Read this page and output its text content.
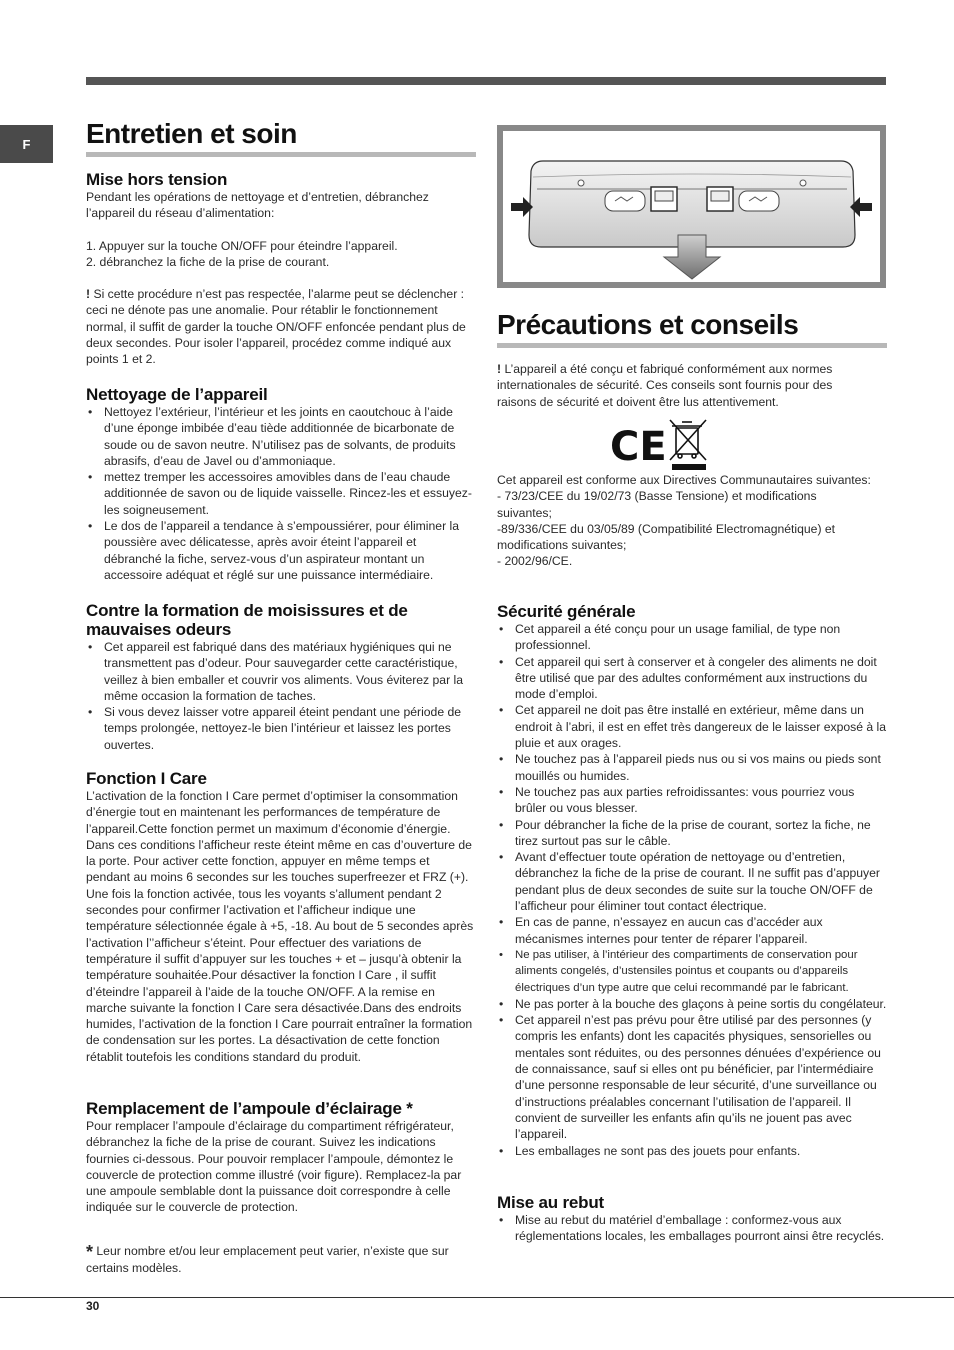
F	Entretien et soin
Mise hors tension

Pendant les opérations de nettoyage et d’entretien, débranchez l’appareil du réseau d’alimentation:

1. Appuyer sur la touche ON/OFF pour éteindre l’appareil.

2. débranchez la fiche de la prise de courant.

! Si cette procédure n’est pas respectée, l’alarme peut se déclencher : ceci ne dénote pas une anomalie. Pour rétablir le fonctionnement normal, il suffit de garder la touche ON/OFF enfoncée pendant plus de deux secondes. Pour isoler l’appareil, procédez comme indiqué aux points 1 et 2.

Nettoyage de l’appareil
• Nettoyez l’extérieur, l’intérieur et les joints en caoutchouc à l’aide d’une éponge imbibée d’eau tiède additionnée de bicarbonate de soude ou de savon neutre. N’utilisez pas de solvants, de produits abrasifs, d’eau de Javel ou d’ammoniaque.
• mettez tremper les accessoires amovibles dans de l’eau chaude additionnée de savon ou de liquide vaisselle. Rincez-les et essuyez-les soigneusement.
• Le dos de l’appareil a tendance à s’empoussiérer, pour éliminer la poussière avec délicatesse, après avoir éteint l’appareil et débranché la fiche, servez-vous d’un aspirateur montant un accessoire adéquat et réglé sur une puissance intermédiaire.
Contre la formation de moisissures et de mauvaises odeurs
• Cet appareil est fabriqué dans des matériaux hygiéniques qui ne transmettent pas d’odeur. Pour sauvegarder cette caractéristique, veillez à bien emballer et couvrir vos aliments. Vous éviterez par la même occasion la formation de taches.
• Si vous devez laisser votre appareil éteint pendant une période de temps prolongée, nettoyez-le bien l’intérieur et laissez les portes ouvertes.
Fonction I Care

L’activation de la fonction I Care permet d’optimiser la consommation d’énergie tout en maintenant les performances de température de l’appareil.Cette fonction permet un maximum d’économie d’énergie. Dans ces conditions l’afficheur reste éteint même en cas d’ouverture de la porte. Pour activer cette fonction, appuyer en même temps et pendant au moins 6 secondes sur les touches superfreezer et FRZ (+). Une fois la fonction activée, tous les voyants s’allument pendant 2 secondes pour confirmer l’activation et l’afficheur indique une température sélectionnée égale à +5, -18. Au bout de 5 secondes après l’activation l’’afficheur s’éteint. Pour effectuer des variations de température il suffit d’appuyer sur les touches + et – jusqu’à obtenir la température souhaitée.Pour désactiver la fonction I Care , il suffit d’éteindre l’appareil à l’aide de la touche ON/OFF. A la remise en marche suivante la fonction I Care sera désactivée.Dans des endroits humides, l’activation de la fonction I Care pourrait entraîner la formation de condensation sur les portes. La désactivation de cette fonction rétablit toutefois les conditions standard du produit.

Remplacement de l’ampoule d’éclairage *

Pour remplacer l’ampoule d’éclairage du compartiment réfrigérateur, débranchez la fiche de la prise de courant. Suivez les indications fournies ci-dessous. Pour pouvoir remplacer l’ampoule, démontez le couvercle de protection comme illustré (voir figure). Remplacez-la par une ampoule semblable dont la puissance doit correspondre à celle indiquée sur le couvercle de protection.

* Leur nombre et/ou leur emplacement peut varier, n’existe que sur certains modèles.

Précautions et conseils

! L’appareil a été conçu et fabriqué conformément aux normes internationales de sécurité. Ces conseils sont fournis pour des raisons de sécurité et doivent être lus attentivement.

CE

Cet appareil est conforme aux Directives Communautaires suivantes:

- 73/23/CEE du 19/02/73 (Basse Tensione) et modifications suivantes;

-89/336/CEE du 03/05/89 (Compatibilité Electromagnétique) et modifications suivantes;

- 2002/96/CE.

Sécurité générale
• Cet appareil a été conçu pour un usage familial, de type non professionnel.
• Cet appareil qui sert à conserver et à congeler des aliments ne doit être utilisé que par des adultes conformément aux instructions du mode d’emploi.
• Cet appareil ne doit pas être installé en extérieur, même dans un endroit à l’abri, il est en effet très dangereux de le laisser exposé à la pluie et aux orages.
• Ne touchez pas à l’appareil pieds nus ou si vos mains ou pieds sont mouillés ou humides.
• Ne touchez pas aux parties refroidissantes: vous pourriez vous brûler ou vous blesser.
• Pour débrancher la fiche de la prise de courant, sortez la fiche, ne tirez surtout pas sur le câble.
• Avant d’effectuer toute opération de nettoyage ou d’entretien, débranchez la fiche de la prise de courant. Il ne suffit pas d’appuyer pendant plus de deux secondes de suite sur la touche ON/OFF de l’afficheur pour éliminer tout contact électrique.
• En cas de panne, n’essayez en aucun cas d’accéder aux mécanismes internes pour tenter de réparer l’appareil.
• Ne pas utiliser, à l’intérieur des compartiments de conservation pour aliments congelés, d’ustensiles pointus et coupants ou d’appareils électriques d’un type autre que celui recommandé par le fabricant.
• Ne pas porter à la bouche des glaçons à peine sortis du congélateur.
• Cet appareil n’est pas prévu pour être utilisé par des personnes (y compris les enfants) dont les capacités physiques, sensorielles ou mentales sont réduites, ou des personnes dénuées d’expérience ou de connaissance, sauf si elles ont pu bénéficier, par l’intermédiaire d’une personne responsable de leur sécurité, d’une surveillance ou d’instructions préalables concernant l’utilisation de l’appareil. Il convient de surveiller les enfants afin qu’ils ne jouent pas avec l’appareil.
• Les emballages ne sont pas des jouets pour enfants.
Mise au rebut
• Mise au rebut du matériel d’emballage : conformez-vous aux réglementations locales, les emballages pourront ainsi être recyclés.
30
